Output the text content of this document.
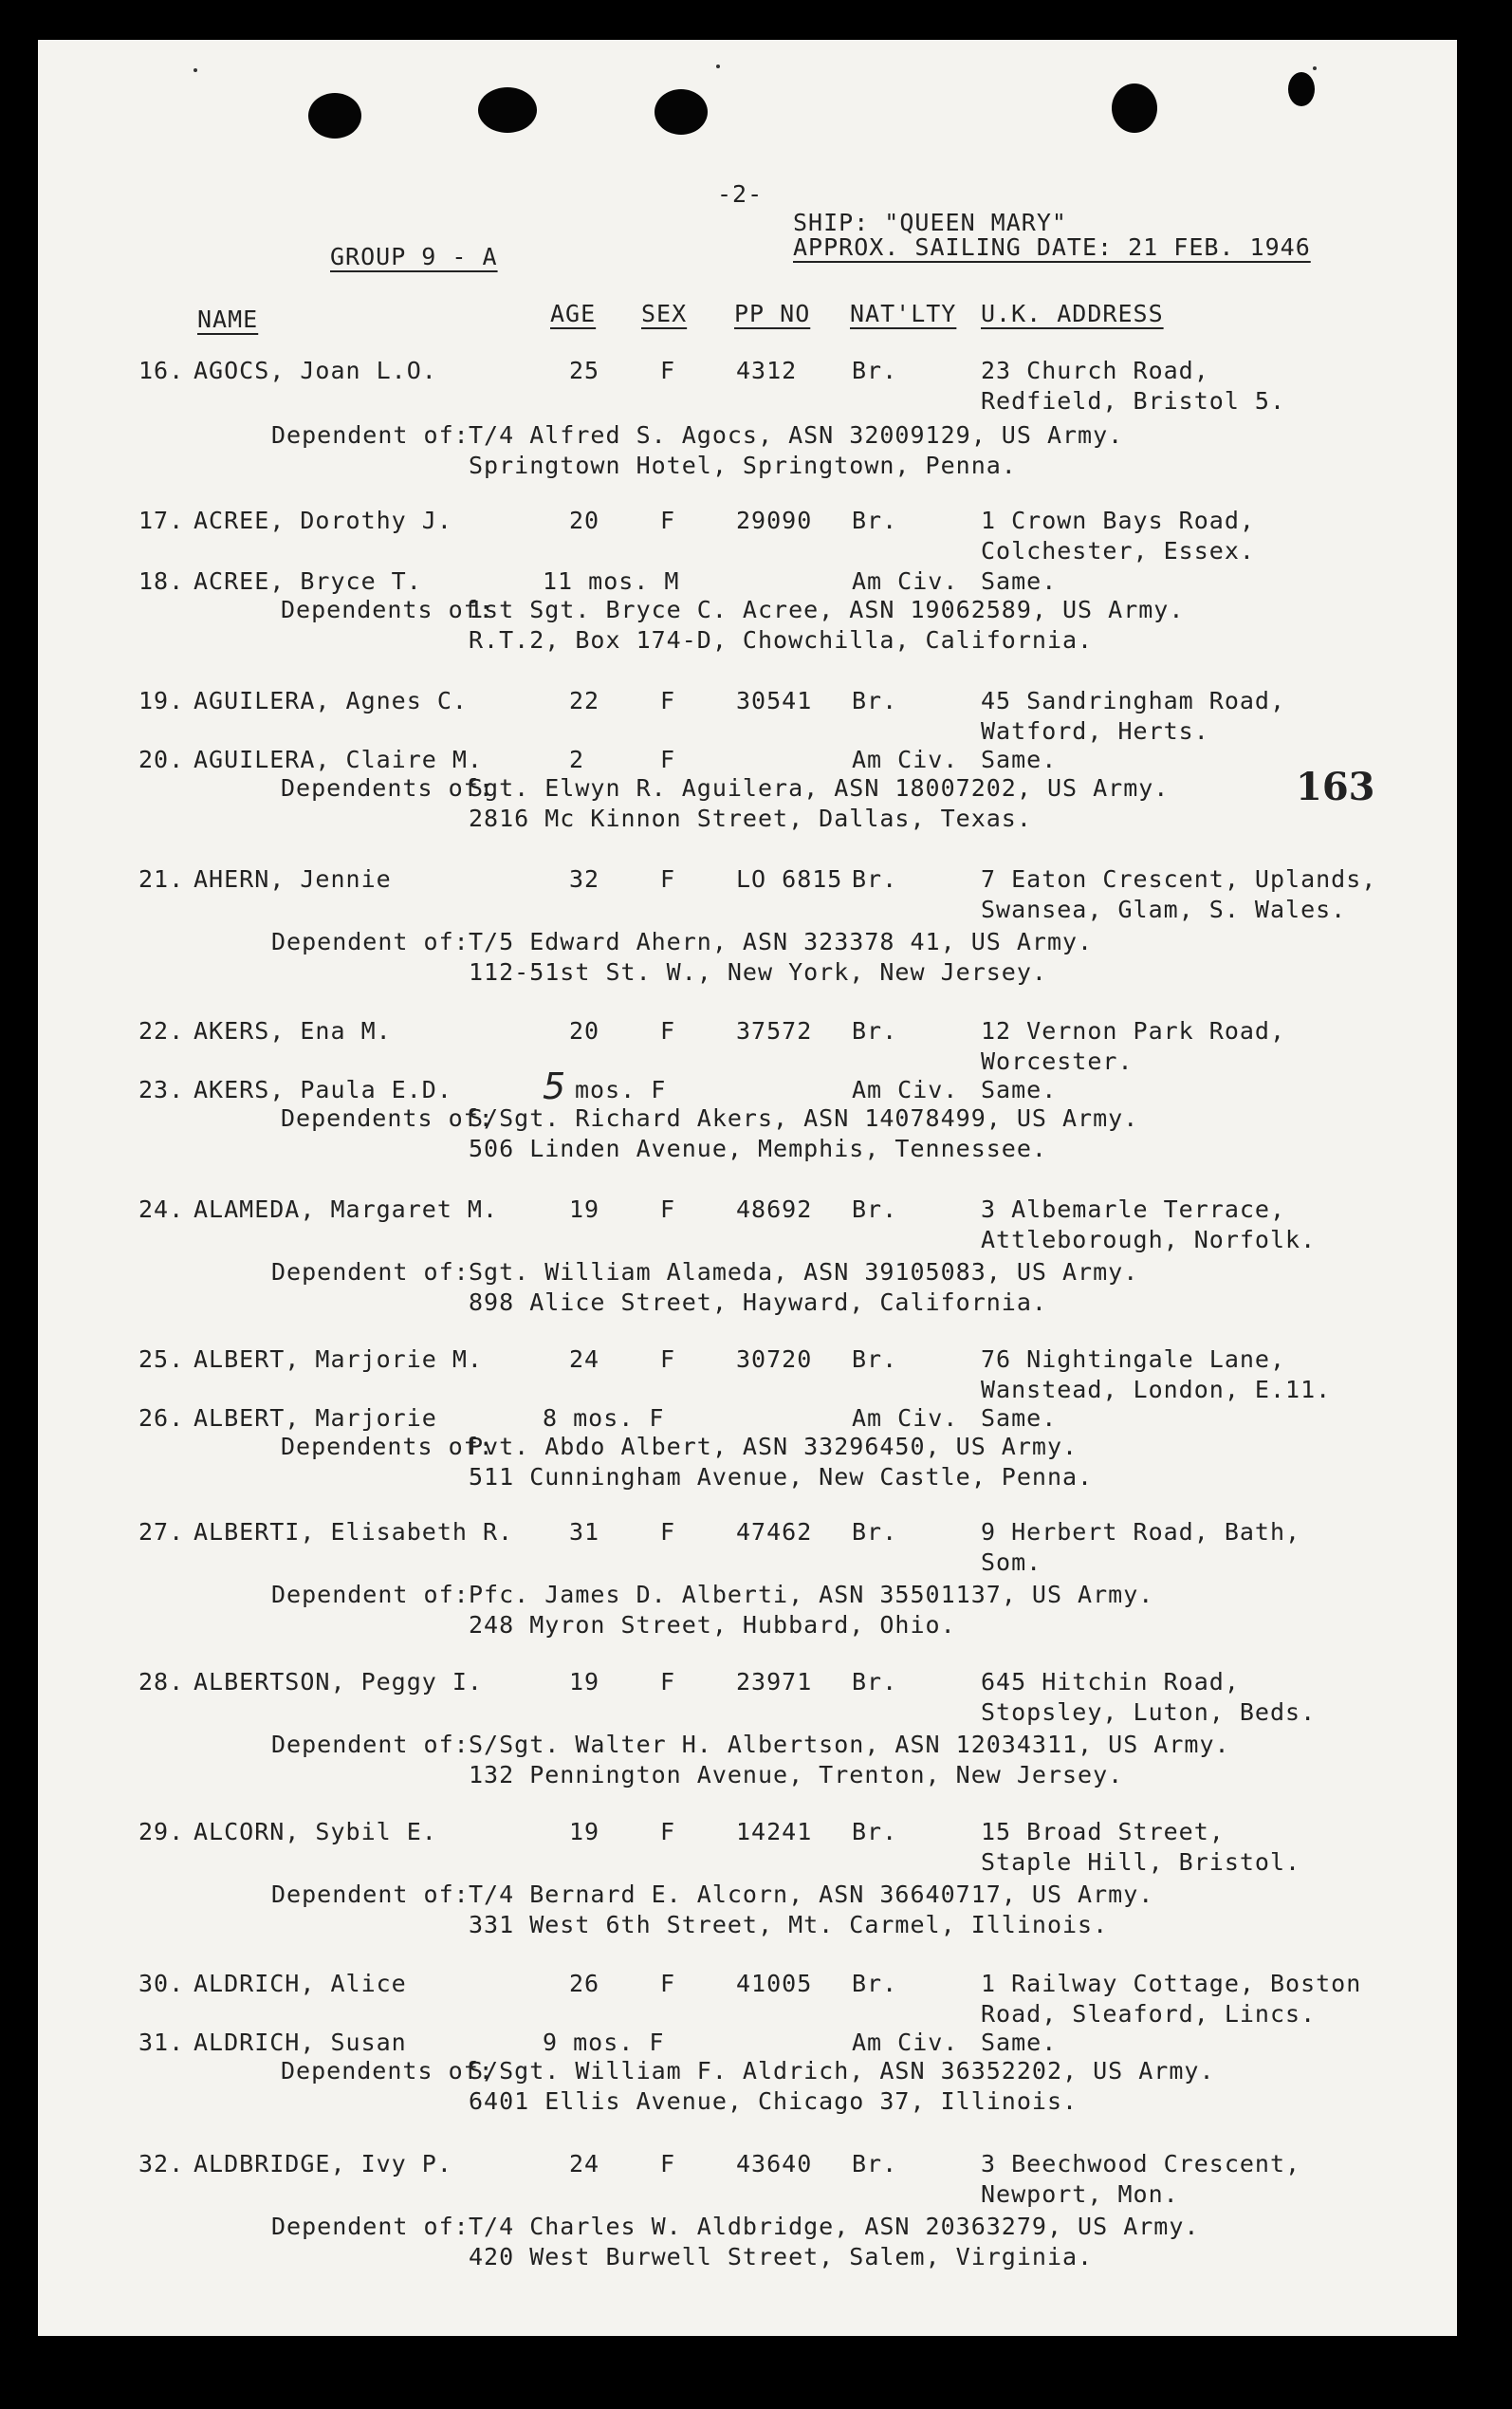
-2-
SHIP: "QUEEN MARY"
GROUP 9 - A	APPROX. SAILING DATE: 21 FEB. 1946
NAME	AGE SEX PP NO NAT'LTY U.K. ADDRESS
163
16. AGOCS, Joan L.O.	25	F	4312 Br.	23 Church Road,
Redfield, Bristol 5.
Dependent of: T/4 Alfred S. Agocs, ASN 32009129, US Army.
Springtown Hotel, Springtown, Penna.
17. ACREE, Dorothy J.	20	F	29090 Br.	1 Crown Bays Road,
Colchester, Essex.
18. ACREE, Bryce T.	11 mos. M	Am Civ. Same.
Dependents of:
1st Sgt. Bryce C. Acree, ASN 19062589, US Army.
R.T.2, Box 174-D, Chowchilla, California.
19. AGUILERA, Agnes C.	22	F	30541 Br.	45 Sandringham Road,
Watford, Herts.
20. AGUILERA, Claire M.	2	F	Am Civ. Same.
Dependents of:
Sgt. Elwyn R. Aguilera, ASN 18007202, US Army.
2816 Mc Kinnon Street, Dallas, Texas.
21. AHERN, Jennie	32	F	LO 6815 Br.	7 Eaton Crescent, Uplands,
Swansea, Glam, S. Wales.
Dependent of: T/5 Edward Ahern, ASN 323378 41, US Army.
112-51st St. W., New York, New Jersey.
22. AKERS, Ena M.	20	F	37572 Br.	12 Vernon Park Road,
Worcester.
23. AKERS, Paula E.D.	5 mos. F	Am Civ. Same.
Dependents of:
S/Sgt. Richard Akers, ASN 14078499, US Army.
506 Linden Avenue, Memphis, Tennessee.
24. ALAMEDA, Margaret M.	19	F	48692 Br.	3 Albemarle Terrace,
Attleborough, Norfolk.
Dependent of: Sgt. William Alameda, ASN 39105083, US Army.
898 Alice Street, Hayward, California.
25. ALBERT, Marjorie M.	24	F	30720 Br.	76 Nightingale Lane,
Wanstead, London, E.11.
26. ALBERT, Marjorie	8 mos. F	Am Civ. Same.
Dependents of:
Pvt. Abdo Albert, ASN 33296450, US Army.
511 Cunningham Avenue, New Castle, Penna.
27. ALBERTI, Elisabeth R. 31	F	47462 Br.	9 Herbert Road, Bath,
Som.
Dependent of: Pfc. James D. Alberti, ASN 35501137, US Army.
248 Myron Street, Hubbard, Ohio.
28. ALBERTSON, Peggy I.	19	F	23971 Br.	645 Hitchin Road,
Stopsley, Luton, Beds.
Dependent of: S/Sgt. Walter H. Albertson, ASN 12034311, US Army.
132 Pennington Avenue, Trenton, New Jersey.
29. ALCORN, Sybil E.	19	F	14241 Br.	15 Broad Street,
Staple Hill, Bristol.
Dependent of: T/4 Bernard E. Alcorn, ASN 36640717, US Army.
331 West 6th Street, Mt. Carmel, Illinois.
30. ALDRICH, Alice	26	F	41005 Br.	1 Railway Cottage, Boston
Road, Sleaford, Lincs.
31. ALDRICH, Susan	9 mos. F	Am Civ. Same.
Dependents of:
S/Sgt. William F. Aldrich, ASN 36352202, US Army.
6401 Ellis Avenue, Chicago 37, Illinois.
32. ALDBRIDGE, Ivy P.	24	F	43640 Br.	3 Beechwood Crescent,
Newport, Mon.
Dependent of: T/4 Charles W. Aldbridge, ASN 20363279, US Army.
420 West Burwell Street, Salem, Virginia.
